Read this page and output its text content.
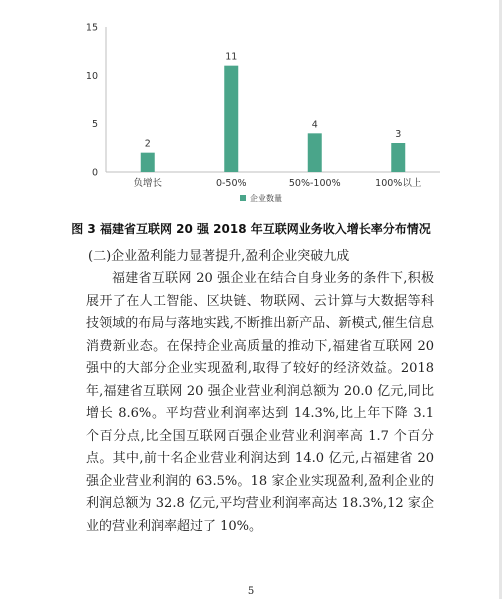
0
5
10
15
2
负增长
11
0-50%
4
50%-100%
3
100%以上
企业数量
图 3 福建省互联网 20 强 2018 年互联网业务收入增长率分布情况
(二)企业盈利能力显著提升,盈利企业突破九成

福建省互联网 20 强企业在结合自身业务的条件下,积极展开了在人工智能、区块链、物联网、云计算与大数据等科技领域的布局与落地实践,不断推出新产品、新模式,催生信息消费新业态。在保持企业高质量的推动下,福建省互联网 20 强中的大部分企业实现盈利,取得了较好的经济效益。2018 年,福建省互联网 20 强企业营业利润总额为 20.0 亿元,同比增长 8.6%。平均营业利润率达到 14.3%,比上年下降 3.1 个百分点,比全国互联网百强企业营业利润率高 1.7 个百分点。其中,前十名企业营业利润达到 14.0 亿元,占福建省 20 强企业营业利润的 63.5%。18 家企业实现盈利,盈利企业的利润总额为 32.8 亿元,平均营业利润率高达 18.3%,12 家企业的营业利润率超过了 10%。

5
